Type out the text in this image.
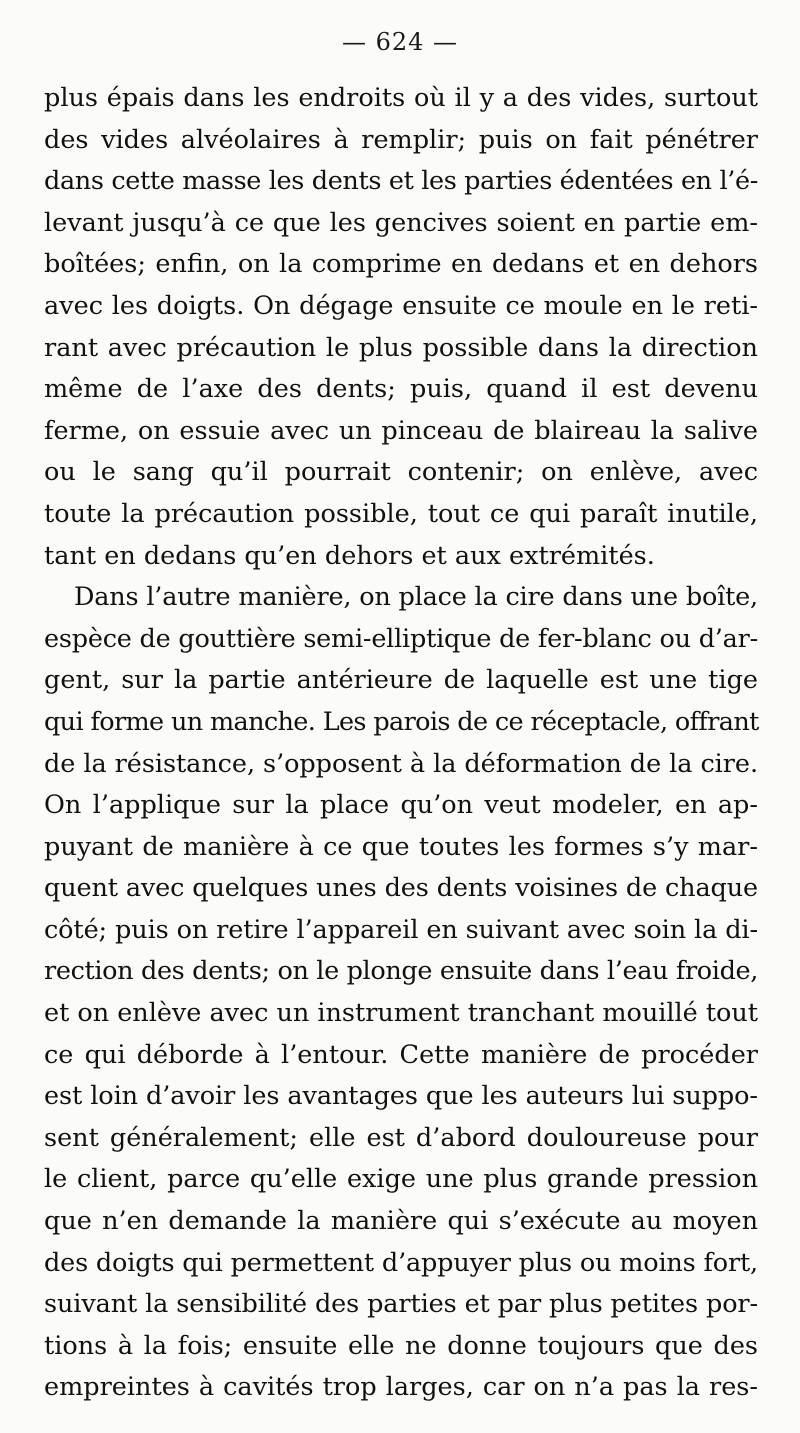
— 624 —
plus épais dans les endroits où il y a des vides, surtout
des vides alvéolaires à remplir; puis on fait pénétrer
dans cette masse les dents et les parties édentées en l’é-
levant jusqu’à ce que les gencives soient en partie em-
boîtées; enfin, on la comprime en dedans et en dehors
avec les doigts. On dégage ensuite ce moule en le reti-
rant avec précaution le plus possible dans la direction
même de l’axe des dents; puis, quand il est devenu
ferme, on essuie avec un pinceau de blaireau la salive
ou le sang qu’il pourrait contenir; on enlève, avec
toute la précaution possible, tout ce qui paraît inutile,
tant en dedans qu’en dehors et aux extrémités.
Dans l’autre manière, on place la cire dans une boîte,
espèce de gouttière semi-elliptique de fer-blanc ou d’ar-
gent, sur la partie antérieure de laquelle est une tige
qui forme un manche. Les parois de ce réceptacle, offrant
de la résistance, s’opposent à la déformation de la cire.
On l’applique sur la place qu’on veut modeler, en ap-
puyant de manière à ce que toutes les formes s’y mar-
quent avec quelques unes des dents voisines de chaque
côté; puis on retire l’appareil en suivant avec soin la di-
rection des dents; on le plonge ensuite dans l’eau froide,
et on enlève avec un instrument tranchant mouillé tout
ce qui déborde à l’entour. Cette manière de procéder
est loin d’avoir les avantages que les auteurs lui suppo-
sent généralement; elle est d’abord douloureuse pour
le client, parce qu’elle exige une plus grande pression
que n’en demande la manière qui s’exécute au moyen
des doigts qui permettent d’appuyer plus ou moins fort,
suivant la sensibilité des parties et par plus petites por-
tions à la fois; ensuite elle ne donne toujours que des
empreintes à cavités trop larges, car on n’a pas la res-
